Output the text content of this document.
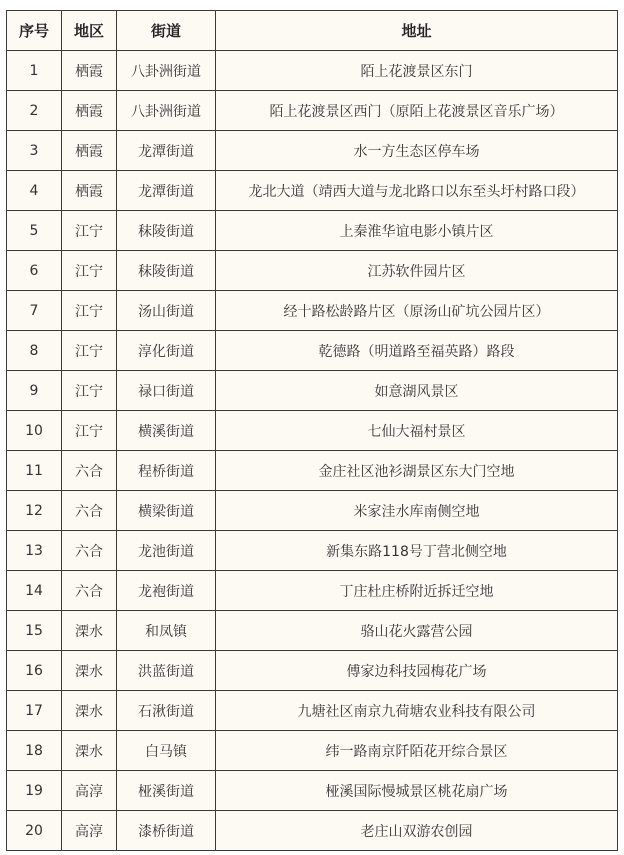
序号	地区	街道	地址
1	栖霞	八卦洲街道	陌上花渡景区东门
2	栖霞	八卦洲街道	陌上花渡景区西门（原陌上花渡景区音乐广场）
3	栖霞	龙潭街道	水一方生态区停车场
4	栖霞	龙潭街道	龙北大道（靖西大道与龙北路口以东至头圩村路口段）
5	江宁	秣陵街道	上秦淮华谊电影小镇片区
6	江宁	秣陵街道	江苏软件园片区
7	江宁	汤山街道	经十路松龄路片区（原汤山矿坑公园片区）
8	江宁	淳化街道	乾德路（明道路至福英路）路段
9	江宁	禄口街道	如意湖风景区
10	江宁	横溪街道	七仙大福村景区
11	六合	程桥街道	金庄社区池衫湖景区东大门空地
12	六合	横梁街道	米家洼水库南侧空地
13	六合	龙池街道	新集东路118号丁营北侧空地
14	六合	龙袍街道	丁庄杜庄桥附近拆迁空地
15	溧水	和凤镇	骆山花火露营公园
16	溧水	洪蓝街道	傅家边科技园梅花广场
17	溧水	石湫街道	九塘社区南京九荷塘农业科技有限公司
18	溧水	白马镇	纬一路南京阡陌花开综合景区
19	高淳	桠溪街道	桠溪国际慢城景区桃花扇广场
20	高淳	漆桥街道	老庄山双游农创园
